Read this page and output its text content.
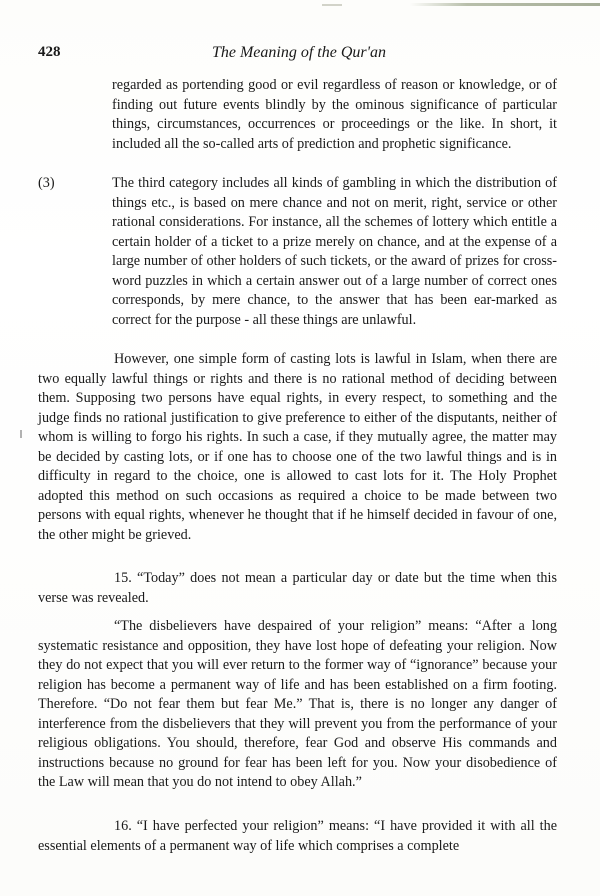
428	The Meaning of the Qur'an
regarded as portending good or evil regardless of reason or knowledge, or of finding out future events blindly by the ominous significance of particular things, circumstances, occurrences or proceedings or the like. In short, it included all the so-called arts of prediction and prophetic significance.
(3)	The third category includes all kinds of gambling in which the distribution of things etc., is based on mere chance and not on merit, right, service or other rational considerations. For instance, all the schemes of lottery which entitle a certain holder of a ticket to a prize merely on chance, and at the expense of a large number of other holders of such tickets, or the award of prizes for cross-word puzzles in which a certain answer out of a large number of correct ones corresponds, by mere chance, to the answer that has been ear-marked as correct for the purpose - all these things are unlawful.
However, one simple form of casting lots is lawful in Islam, when there are two equally lawful things or rights and there is no rational method of deciding between them. Supposing two persons have equal rights, in every respect, to something and the judge finds no rational justification to give preference to either of the disputants, neither of whom is willing to forgo his rights. In such a case, if they mutually agree, the matter may be decided by casting lots, or if one has to choose one of the two lawful things and is in difficulty in regard to the choice, one is allowed to cast lots for it. The Holy Prophet adopted this method on such occasions as required a choice to be made between two persons with equal rights, whenever he thought that if he himself decided in favour of one, the other might be grieved.
15. “Today” does not mean a particular day or date but the time when this verse was revealed.
“The disbelievers have despaired of your religion” means: “After a long systematic resistance and opposition, they have lost hope of defeating your religion. Now they do not expect that you will ever return to the former way of “ignorance” because your religion has become a permanent way of life and has been established on a firm footing. Therefore. “Do not fear them but fear Me.” That is, there is no longer any danger of interference from the disbelievers that they will prevent you from the performance of your religious obligations. You should, therefore, fear God and observe His commands and instructions because no ground for fear has been left for you. Now your disobedience of the Law will mean that you do not intend to obey Allah.”
16. “I have perfected your religion” means: “I have provided it with all the essential elements of a permanent way of life which comprises a complete
